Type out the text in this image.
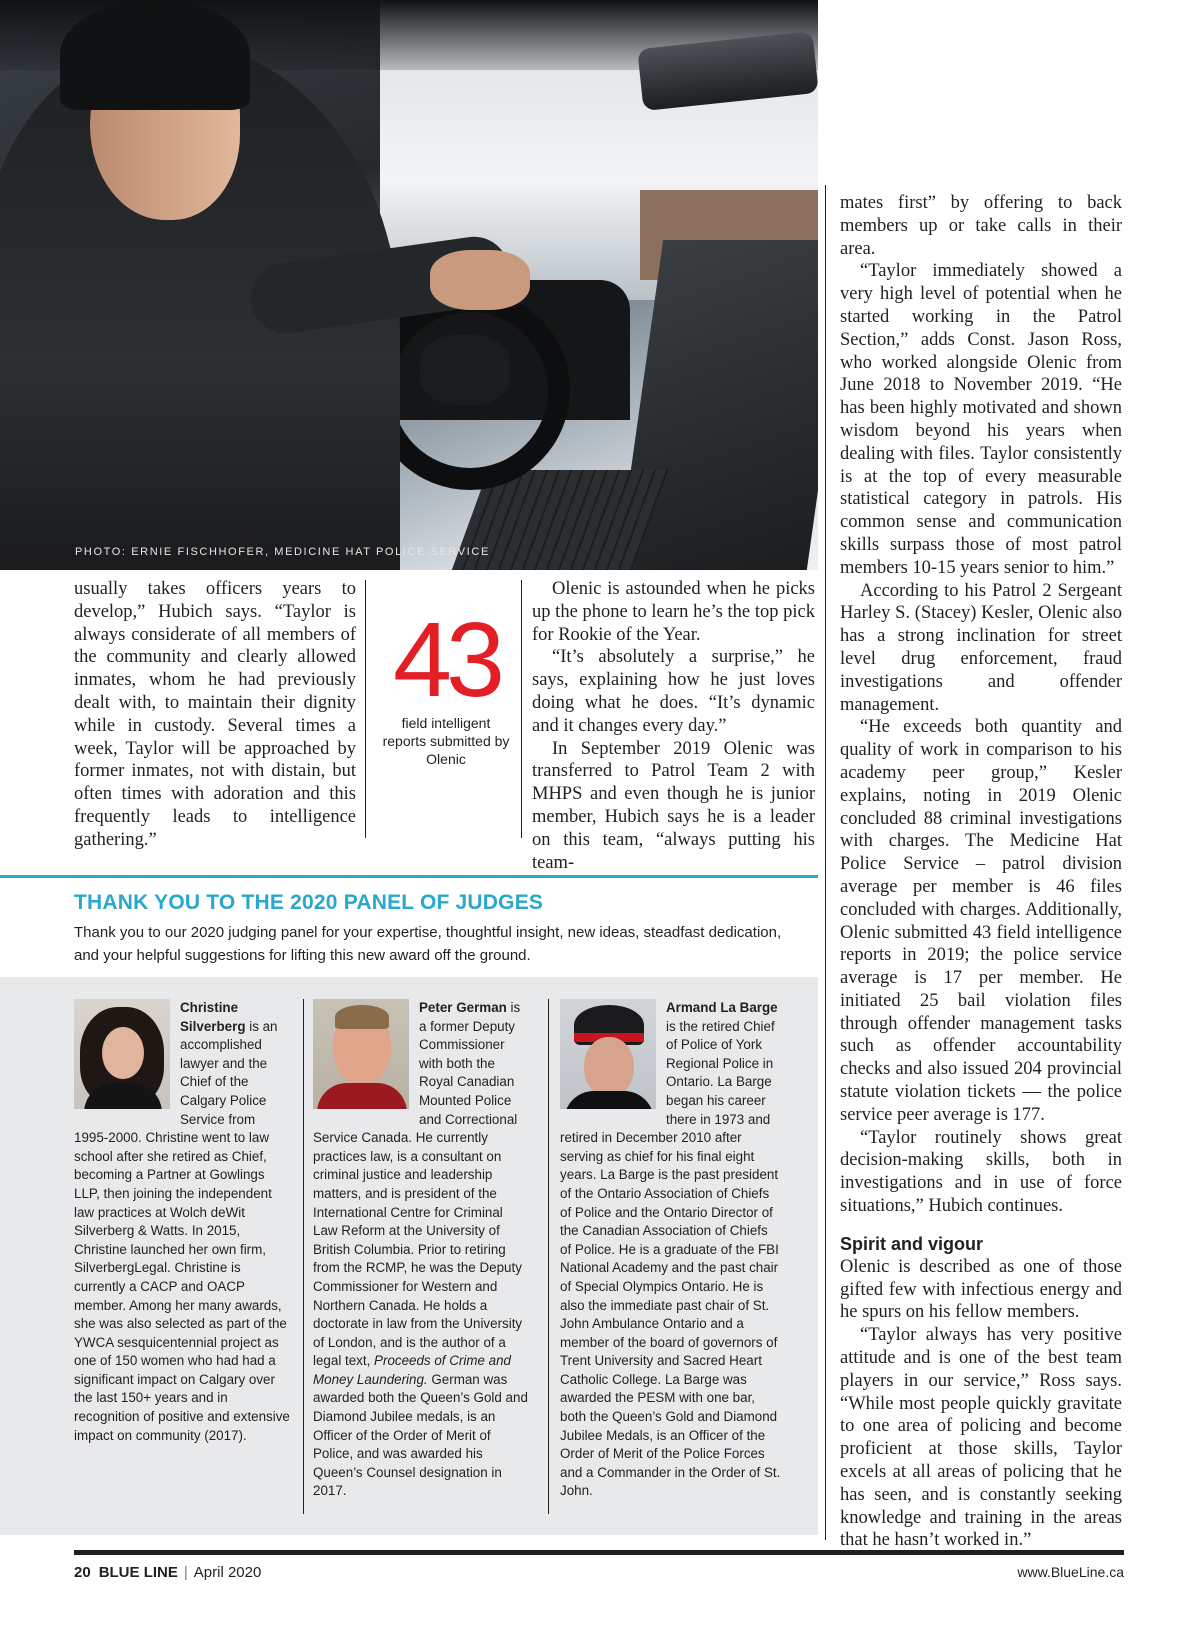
PHOTO: ERNIE FISCHHOFER, MEDICINE HAT POLICE SERVICE

usually takes officers years to develop,” Hubich says. “Taylor is always considerate of all members of the community and clearly allowed inmates, whom he had previously dealt with, to maintain their dignity while in custody. Several times a week, Taylor will be approached by former inmates, not with distain, but often times with adoration and this frequently leads to intelligence gathering.”

43
field intelligent reports submitted by Olenic

Olenic is astounded when he picks up the phone to learn he’s the top pick for Rookie of the Year.

“It’s absolutely a surprise,” he says, explaining how he just loves doing what he does. “It’s dynamic and it changes every day.”

In September 2019 Olenic was transferred to Patrol Team 2 with MHPS and even though he is junior member, Hubich says he is a leader on this team, “always putting his team-

mates first” by offering to back members up or take calls in their area.

“Taylor immediately showed a very high level of potential when he started working in the Patrol Section,” adds Const. Jason Ross, who worked alongside Olenic from June 2018 to November 2019. “He has been highly motivated and shown wisdom beyond his years when dealing with files. Taylor consistently is at the top of every measurable statistical category in patrols. His common sense and communication skills surpass those of most patrol members 10-15 years senior to him.”

According to his Patrol 2 Sergeant Harley S. (Stacey) Kesler, Olenic also has a strong inclination for street level drug enforcement, fraud investigations and offender management.

“He exceeds both quantity and quality of work in comparison to his academy peer group,” Kesler explains, noting in 2019 Olenic concluded 88 criminal investigations with charges. The Medicine Hat Police Service – patrol division average per member is 46 files concluded with charges. Additionally, Olenic submitted 43 field intelligence reports in 2019; the police service average is 17 per member. He initiated 25 bail violation files through offender management tasks such as offender accountability checks and also issued 204 provincial statute violation tickets — the police service peer average is 177.

“Taylor routinely shows great decision-making skills, both in investigations and in use of force situations,” Hubich continues.

Spirit and vigour

Olenic is described as one of those gifted few with infectious energy and he spurs on his fellow members.

“Taylor always has very positive attitude and is one of the best team players in our service,” Ross says. “While most people quickly gravitate to one area of policing and become proficient at those skills, Taylor excels at all areas of policing that he has seen, and is constantly seeking knowledge and training in the areas that he hasn’t worked in.”

THANK YOU TO THE 2020 PANEL OF JUDGES
Thank you to our 2020 judging panel for your expertise, thoughtful insight, new ideas, steadfast dedication, and your helpful suggestions for lifting this new award off the ground.
Christine Silverberg is an accomplished lawyer and the Chief of the Calgary Police Service from 1995-2000. Christine went to law school after she retired as Chief, becoming a Partner at Gowlings LLP, then joining the independent law practices at Wolch deWit Silverberg & Watts. In 2015, Christine launched her own firm, SilverbergLegal. Christine is currently a CACP and OACP member. Among her many awards, she was also selected as part of the YWCA sesquicentennial project as one of 150 women who had had a significant impact on Calgary over the last 150+ years and in recognition of positive and extensive impact on community (2017).
Peter German is a former Deputy Commissioner with both the Royal Canadian Mounted Police and Correctional Service Canada. He currently practices law, is a consultant on criminal justice and leadership matters, and is president of the International Centre for Criminal Law Reform at the University of British Columbia. Prior to retiring from the RCMP, he was the Deputy Commissioner for Western and Northern Canada. He holds a doctorate in law from the University of London, and is the author of a legal text, Proceeds of Crime and Money Laundering. German was awarded both the Queen’s Gold and Diamond Jubilee medals, is an Officer of the Order of Merit of Police, and was awarded his Queen’s Counsel designation in 2017.
Armand La Barge is the retired Chief of Police of York Regional Police in Ontario. La Barge began his career there in 1973 and retired in December 2010 after serving as chief for his final eight years. La Barge is the past president of the Ontario Association of Chiefs of Police and the Ontario Director of the Canadian Association of Chiefs of Police. He is a graduate of the FBI National Academy and the past chair of Special Olympics Ontario. He is also the immediate past chair of St. John Ambulance Ontario and a member of the board of governors of Trent University and Sacred Heart Catholic College. La Barge was awarded the PESM with one bar, both the Queen’s Gold and Diamond Jubilee Medals, is an Officer of the Order of Merit of the Police Forces and a Commander in the Order of St. John.
20 BLUE LINE | April 2020	www.BlueLine.ca
